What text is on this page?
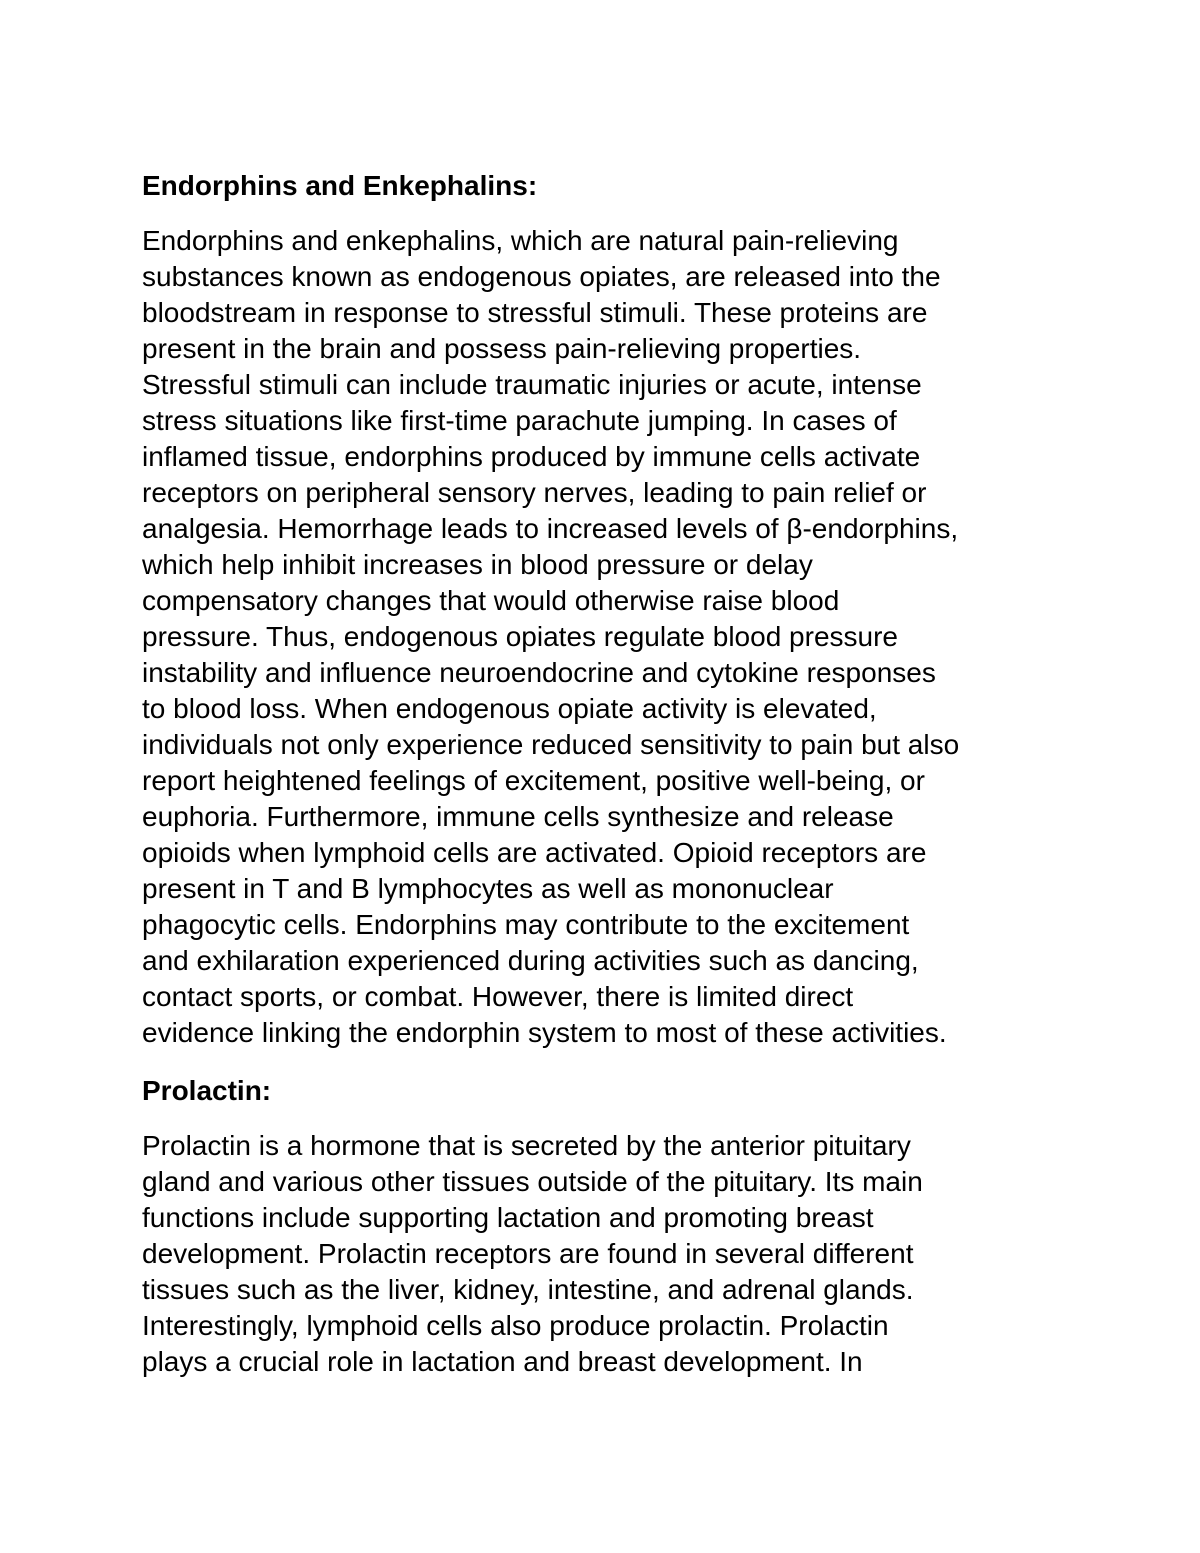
Endorphins and Enkephalins:
Endorphins and enkephalins, which are natural pain-relieving
substances known as endogenous opiates, are released into the
bloodstream in response to stressful stimuli. These proteins are
present in the brain and possess pain-relieving properties.
Stressful stimuli can include traumatic injuries or acute, intense
stress situations like first-time parachute jumping. In cases of
inflamed tissue, endorphins produced by immune cells activate
receptors on peripheral sensory nerves, leading to pain relief or
analgesia. Hemorrhage leads to increased levels of β-endorphins,
which help inhibit increases in blood pressure or delay
compensatory changes that would otherwise raise blood
pressure. Thus, endogenous opiates regulate blood pressure
instability and influence neuroendocrine and cytokine responses
to blood loss. When endogenous opiate activity is elevated,
individuals not only experience reduced sensitivity to pain but also
report heightened feelings of excitement, positive well-being, or
euphoria. Furthermore, immune cells synthesize and release
opioids when lymphoid cells are activated. Opioid receptors are
present in T and B lymphocytes as well as mononuclear
phagocytic cells. Endorphins may contribute to the excitement
and exhilaration experienced during activities such as dancing,
contact sports, or combat. However, there is limited direct
evidence linking the endorphin system to most of these activities.
Prolactin:
Prolactin is a hormone that is secreted by the anterior pituitary
gland and various other tissues outside of the pituitary. Its main
functions include supporting lactation and promoting breast
development. Prolactin receptors are found in several different
tissues such as the liver, kidney, intestine, and adrenal glands.
Interestingly, lymphoid cells also produce prolactin. Prolactin
plays a crucial role in lactation and breast development. In
